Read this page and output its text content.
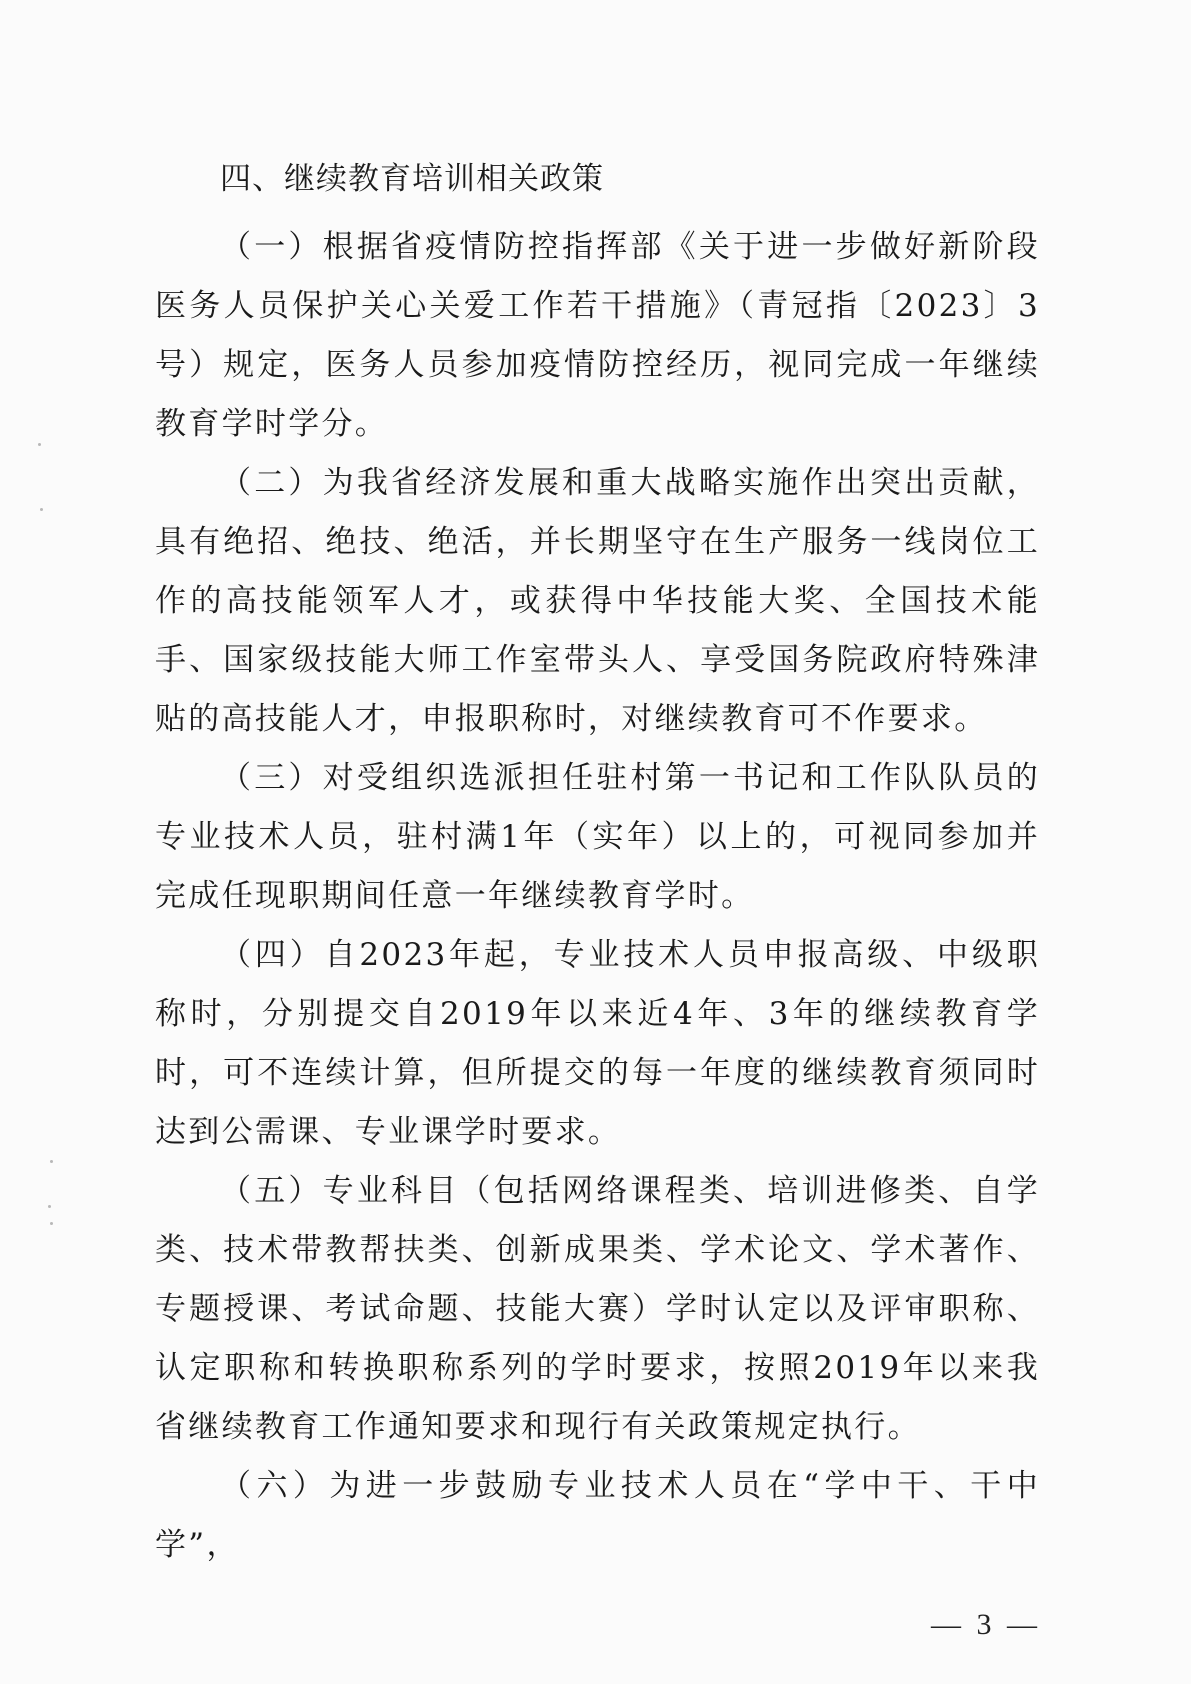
四、继续教育培训相关政策

（一）根据省疫情防控指挥部《关于进一步做好新阶段医务人员保护关心关爱工作若干措施》（青冠指〔2023〕3号）规定，医务人员参加疫情防控经历，视同完成一年继续教育学时学分。

（二）为我省经济发展和重大战略实施作出突出贡献，具有绝招、绝技、绝活，并长期坚守在生产服务一线岗位工作的高技能领军人才，或获得中华技能大奖、全国技术能手、国家级技能大师工作室带头人、享受国务院政府特殊津贴的高技能人才，申报职称时，对继续教育可不作要求。

（三）对受组织选派担任驻村第一书记和工作队队员的专业技术人员，驻村满1年（实年）以上的，可视同参加并完成任现职期间任意一年继续教育学时。

（四）自2023年起，专业技术人员申报高级、中级职称时，分别提交自2019年以来近4年、3年的继续教育学时，可不连续计算，但所提交的每一年度的继续教育须同时达到公需课、专业课学时要求。

（五）专业科目（包括网络课程类、培训进修类、自学类、技术带教帮扶类、创新成果类、学术论文、学术著作、专题授课、考试命题、技能大赛）学时认定以及评审职称、认定职称和转换职称系列的学时要求，按照2019年以来我省继续教育工作通知要求和现行有关政策规定执行。

（六）为进一步鼓励专业技术人员在“学中干、干中学”，

— 3 —
